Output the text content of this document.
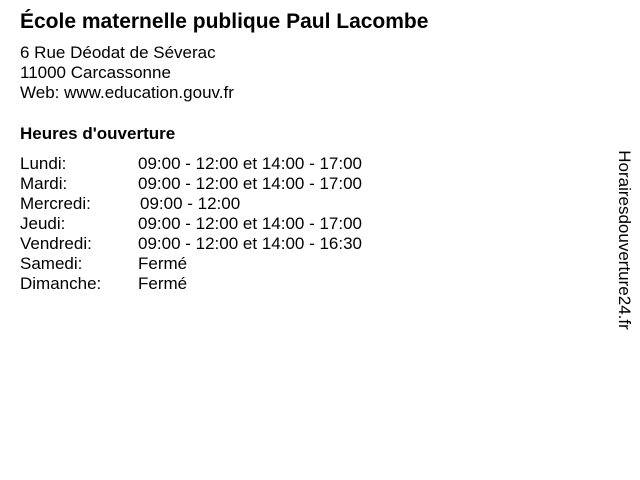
École maternelle publique Paul Lacombe
6 Rue Déodat de Séverac
11000 Carcassonne
Web: www.education.gouv.fr
Heures d'ouverture
Lundi:	09:00 - 12:00 et 14:00 - 17:00
Mardi:	09:00 - 12:00 et 14:00 - 17:00
Mercredi:	09:00 - 12:00
Jeudi:	09:00 - 12:00 et 14:00 - 17:00
Vendredi:	09:00 - 12:00 et 14:00 - 16:30
Samedi:	Fermé
Dimanche: Fermé	Horairesdouverture24.fr
